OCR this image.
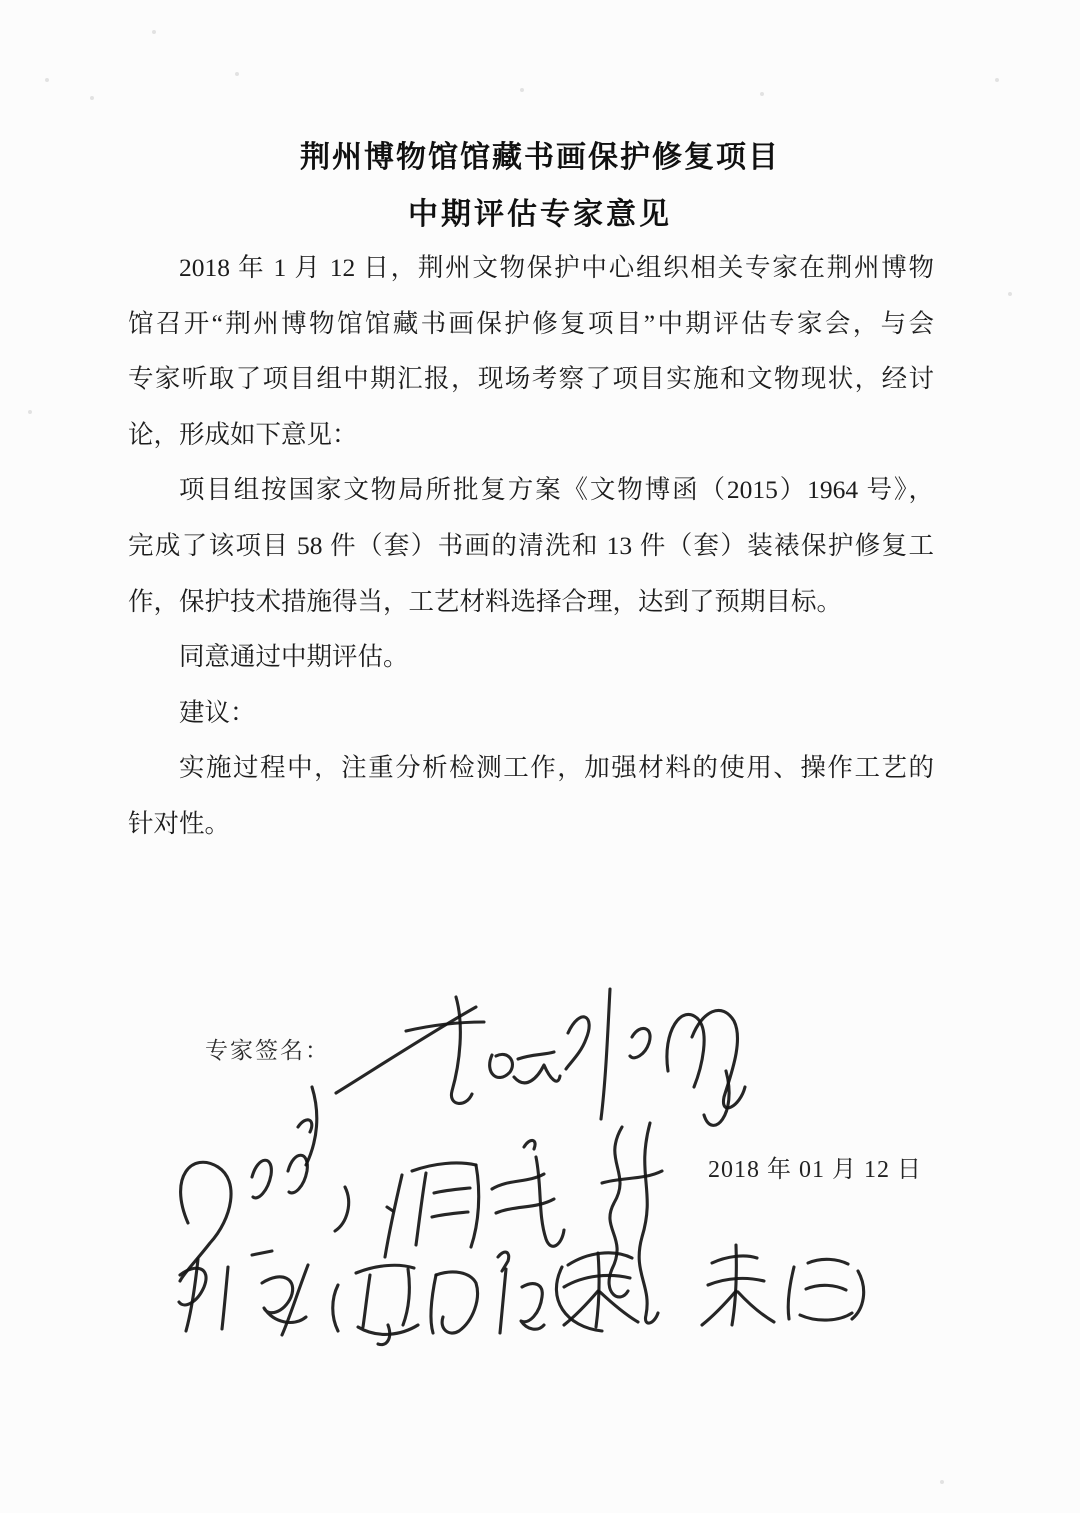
荆州博物馆馆藏书画保护修复项目
中期评估专家意见
2018 年 1 月 12 日，荆州文物保护中心组织相关专家在荆州博物
馆召开“荆州博物馆馆藏书画保护修复项目”中期评估专家会，与会
专家听取了项目组中期汇报，现场考察了项目实施和文物现状，经讨
论，形成如下意见：
项目组按国家文物局所批复方案《文物博函（2015）1964 号》，
完成了该项目 58 件（套）书画的清洗和 13 件（套）装裱保护修复工
作，保护技术措施得当，工艺材料选择合理，达到了预期目标。
同意通过中期评估。
建议：
实施过程中，注重分析检测工作，加强材料的使用、操作工艺的
针对性。
专家签名：
2018 年 01 月 12 日
